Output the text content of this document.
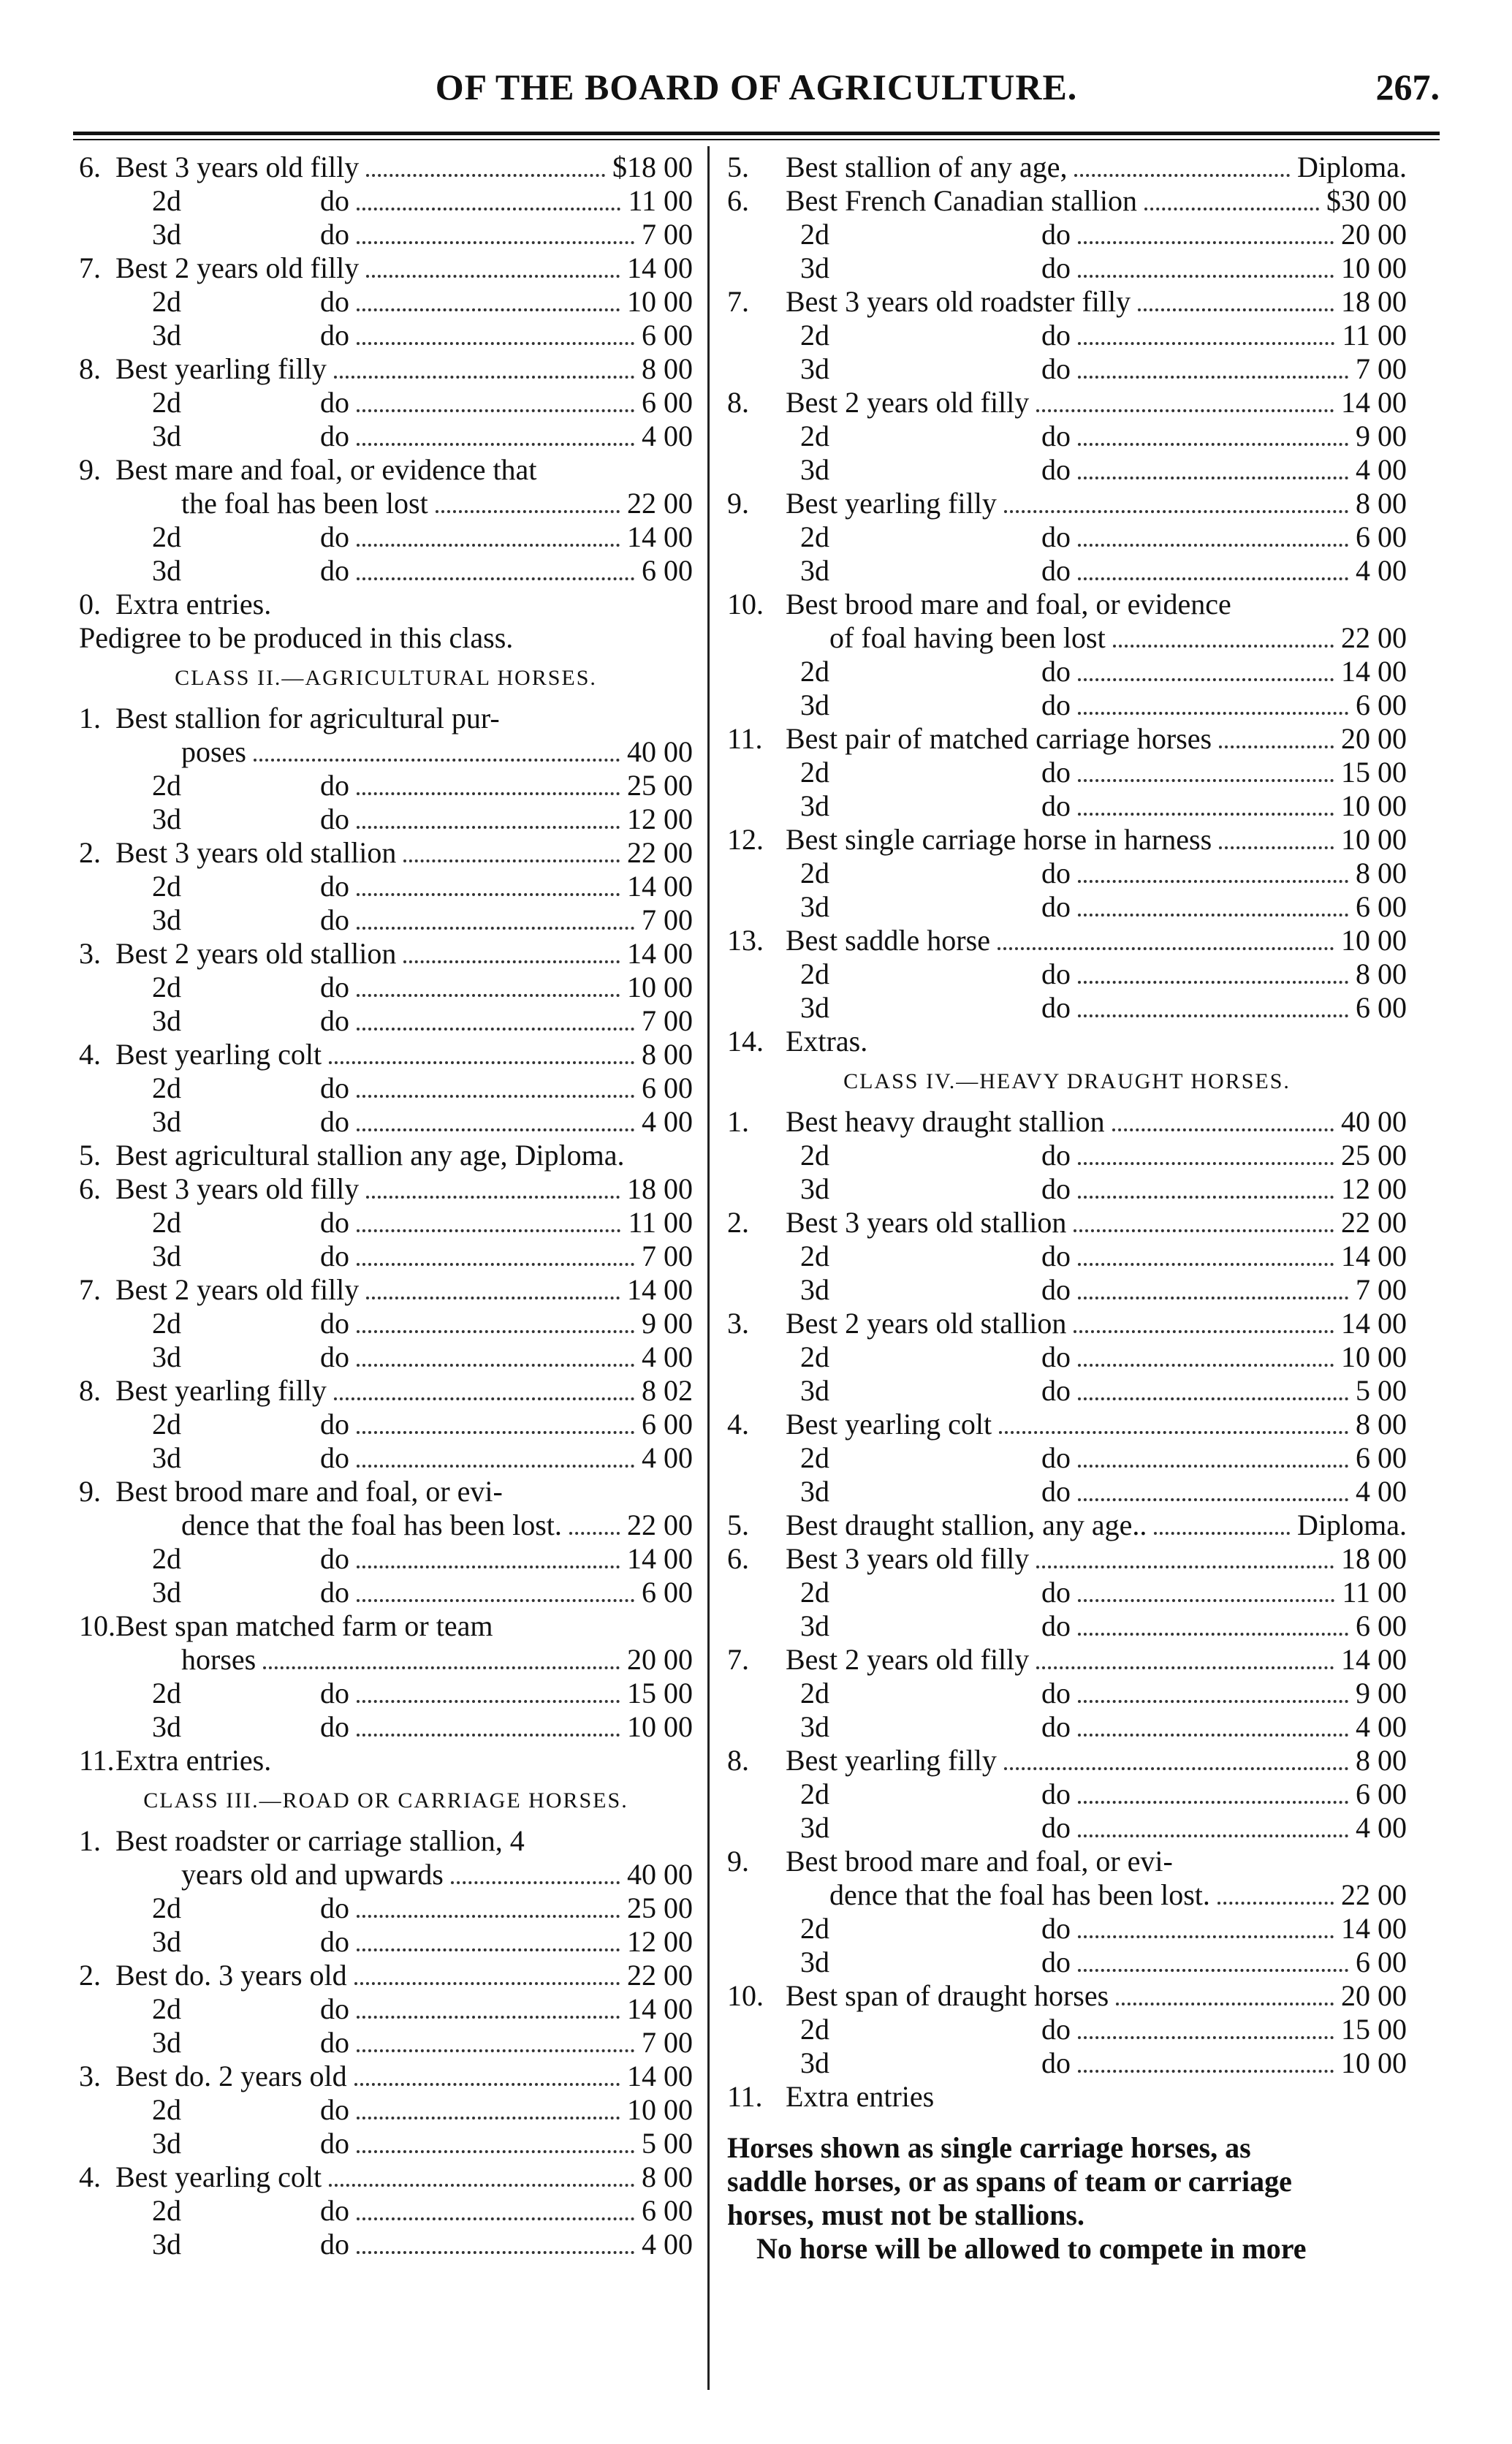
OF THE BOARD OF AGRICULTURE.	267.
6. Best 3 years old filly	$18 00
2d	do	11 00
3d	do	7 00
7. Best 2 years old filly	14 00
2d	do	10 00
3d	do	6 00
8. Best yearling filly	8 00
2d	do	6 00
3d	do	4 00
9. Best mare and foal, or evidence that
the foal has been lost	22 00
2d	do	14 00
3d	do	6 00
0. Extra entries.
Pedigree to be produced in this class.
CLASS II.—AGRICULTURAL HORSES.
1. Best stallion for agricultural pur-
poses	40 00
2d	do	25 00
3d	do	12 00
2. Best 3 years old stallion	22 00
2d	do	14 00
3d	do	7 00
3. Best 2 years old stallion	14 00
2d	do	10 00
3d	do	7 00
4. Best yearling colt	8 00
2d	do	6 00
3d	do	4 00
5. Best agricultural stallion any age, Diploma.
6. Best 3 years old filly	18 00
2d	do	11 00
3d	do	7 00
7. Best 2 years old filly	14 00
2d	do	9 00
3d	do	4 00
8. Best yearling filly	8 02
2d	do	6 00
3d	do	4 00
9. Best brood mare and foal, or evi-
dence that the foal has been lost. 22 00
2d	do	14 00
3d	do	6 00
10. Best span matched farm or team
horses	20 00
2d	do	15 00
3d	do	10 00
11. Extra entries.
CLASS III.—ROAD OR CARRIAGE HORSES.
1. Best roadster or carriage stallion, 4
years old and upwards	40 00
2d	do	25 00
3d	do	12 00
2. Best do. 3 years old	22 00
2d	do	14 00
3d	do	7 00
3. Best do. 2 years old	14 00
2d	do	10 00
3d	do	5 00
4. Best yearling colt	8 00
2d	do	6 00
3d	do	4 00
5. Best stallion of any age,	Diploma.
6. Best French Canadian stallion	$30 00
2d	do	20 00
3d	do	10 00
7. Best 3 years old roadster filly	18 00
2d	do	11 00
3d	do	7 00
8. Best 2 years old filly	14 00
2d	do	9 00
3d	do	4 00
9. Best yearling filly	8 00
2d	do	6 00
3d	do	4 00
10. Best brood mare and foal, or evidence
of foal having been lost	22 00
2d	do	14 00
3d	do	6 00
11. Best pair of matched carriage horses	20 00
2d	do	15 00
3d	do	10 00
12. Best single carriage horse in harness	10 00
2d	do	8 00
3d	do	6 00
13. Best saddle horse	10 00
2d	do	8 00
3d	do	6 00
14. Extras.
CLASS IV.—HEAVY DRAUGHT HORSES.
1. Best heavy draught stallion	40 00
2d	do	25 00
3d	do	12 00
2. Best 3 years old stallion	22 00
2d	do	14 00
3d	do	7 00
3. Best 2 years old stallion	14 00
2d	do	10 00
3d	do	5 00
4. Best yearling colt	8 00
2d	do	6 00
3d	do	4 00
5. Best draught stallion, any age..	Diploma.
6. Best 3 years old filly	18 00
2d	do	11 00
3d	do	6 00
7. Best 2 years old filly	14 00
2d	do	9 00
3d	do	4 00
8. Best yearling filly	8 00
2d	do	6 00
3d	do	4 00
9. Best brood mare and foal, or evi-
dence that the foal has been lost.	22 00
2d	do	14 00
3d	do	6 00
10. Best span of draught horses	20 00
2d	do	15 00
3d	do	10 00
11. Extra entries
Horses shown as single carriage horses, as
saddle horses, or as spans of team or carriage
horses, must not be stallions.
No horse will be allowed to compete in more
